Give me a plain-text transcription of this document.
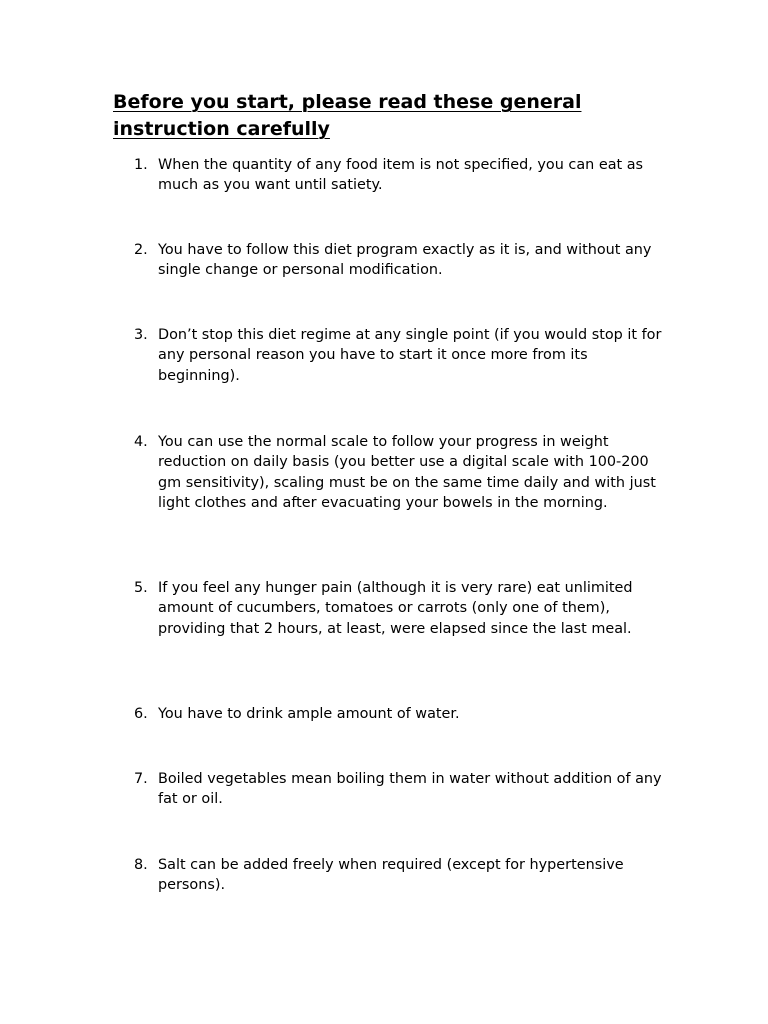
Before you start, please read these general instruction carefully
1. When the quantity of any food item is not specified, you can eat as much as you want until satiety.
2. You have to follow this diet program exactly as it is, and without any single change or personal modification.
3. Don’t stop this diet regime at any single point (if you would stop it for any personal reason you have to start it once more from its beginning).
4. You can use the normal scale to follow your progress in weight reduction on daily basis (you better use a digital scale with 100-200 gm sensitivity), scaling must be on the same time daily and with just light clothes and after evacuating your bowels in the morning.
5. If you feel any hunger pain (although it is very rare) eat unlimited amount of cucumbers, tomatoes or carrots (only one of them), providing that 2 hours, at least, were elapsed since the last meal.
6. You have to drink ample amount of water.
7. Boiled vegetables mean boiling them in water without addition of any fat or oil.
8. Salt can be added freely when required (except for hypertensive persons).
